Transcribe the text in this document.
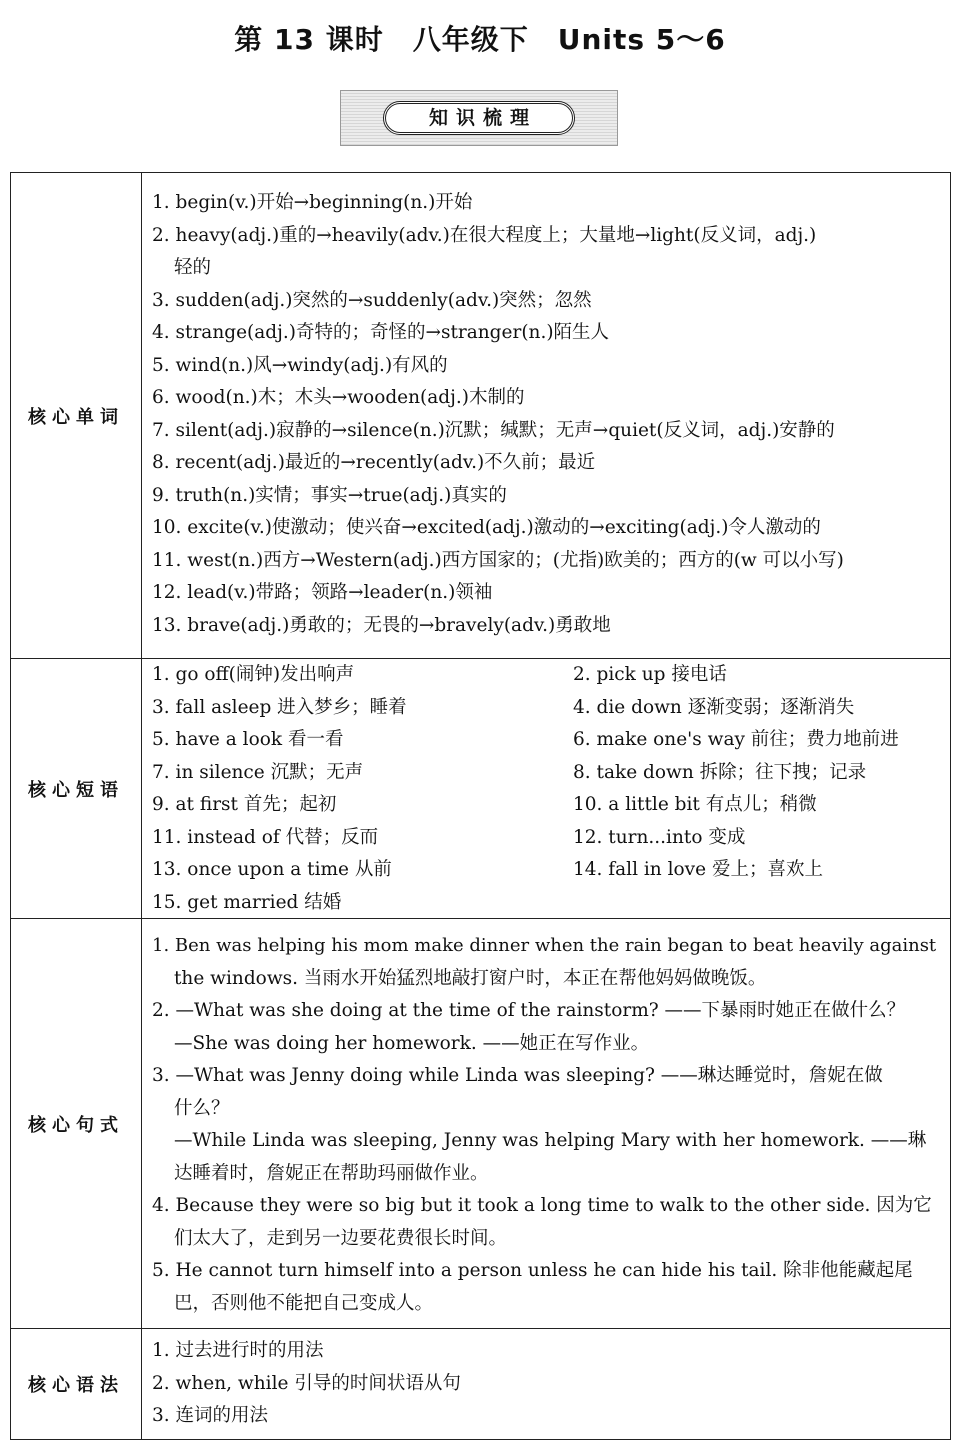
第 13 课时　八年级下　Units 5～6
知识梳理
核心单词
1. begin(v.)开始→beginning(n.)开始
2. heavy(adj.)重的→heavily(adv.)在很大程度上；大量地→light(反义词，adj.)
轻的
3. sudden(adj.)突然的→suddenly(adv.)突然；忽然
4. strange(adj.)奇特的；奇怪的→stranger(n.)陌生人
5. wind(n.)风→windy(adj.)有风的
6. wood(n.)木；木头→wooden(adj.)木制的
7. silent(adj.)寂静的→silence(n.)沉默；缄默；无声→quiet(反义词，adj.)安静的
8. recent(adj.)最近的→recently(adv.)不久前；最近
9. truth(n.)实情；事实→true(adj.)真实的
10. excite(v.)使激动；使兴奋→excited(adj.)激动的→exciting(adj.)令人激动的
11. west(n.)西方→Western(adj.)西方国家的；(尤指)欧美的；西方的(w 可以小写)
12. lead(v.)带路；领路→leader(n.)领袖
13. brave(adj.)勇敢的；无畏的→bravely(adv.)勇敢地
核心短语
1. go off(闹钟)发出响声	2. pick up 接电话
3. fall asleep 进入梦乡；睡着	4. die down 逐渐变弱；逐渐消失
5. have a look 看一看	6. make one's way 前往；费力地前进
7. in silence 沉默；无声	8. take down 拆除；往下拽；记录
9. at first 首先；起初	10. a little bit 有点儿；稍微
11. instead of 代替；反而	12. turn...into 变成
13. once upon a time 从前	14. fall in love 爱上；喜欢上
15. get married 结婚
核心句式
1. Ben was helping his mom make dinner when the rain began to beat heavily against
the windows. 当雨水开始猛烈地敲打窗户时，本正在帮他妈妈做晚饭。
2. —What was she doing at the time of the rainstorm? ——下暴雨时她正在做什么？
—She was doing her homework. ——她正在写作业。
3. —What was Jenny doing while Linda was sleeping? ——琳达睡觉时，詹妮在做
什么？
—While Linda was sleeping, Jenny was helping Mary with her homework. ——琳
达睡着时，詹妮正在帮助玛丽做作业。
4. Because they were so big but it took a long time to walk to the other side. 因为它
们太大了，走到另一边要花费很长时间。
5. He cannot turn himself into a person unless he can hide his tail. 除非他能藏起尾
巴，否则他不能把自己变成人。
核心语法
1. 过去进行时的用法
2. when, while 引导的时间状语从句
3. 连词的用法
